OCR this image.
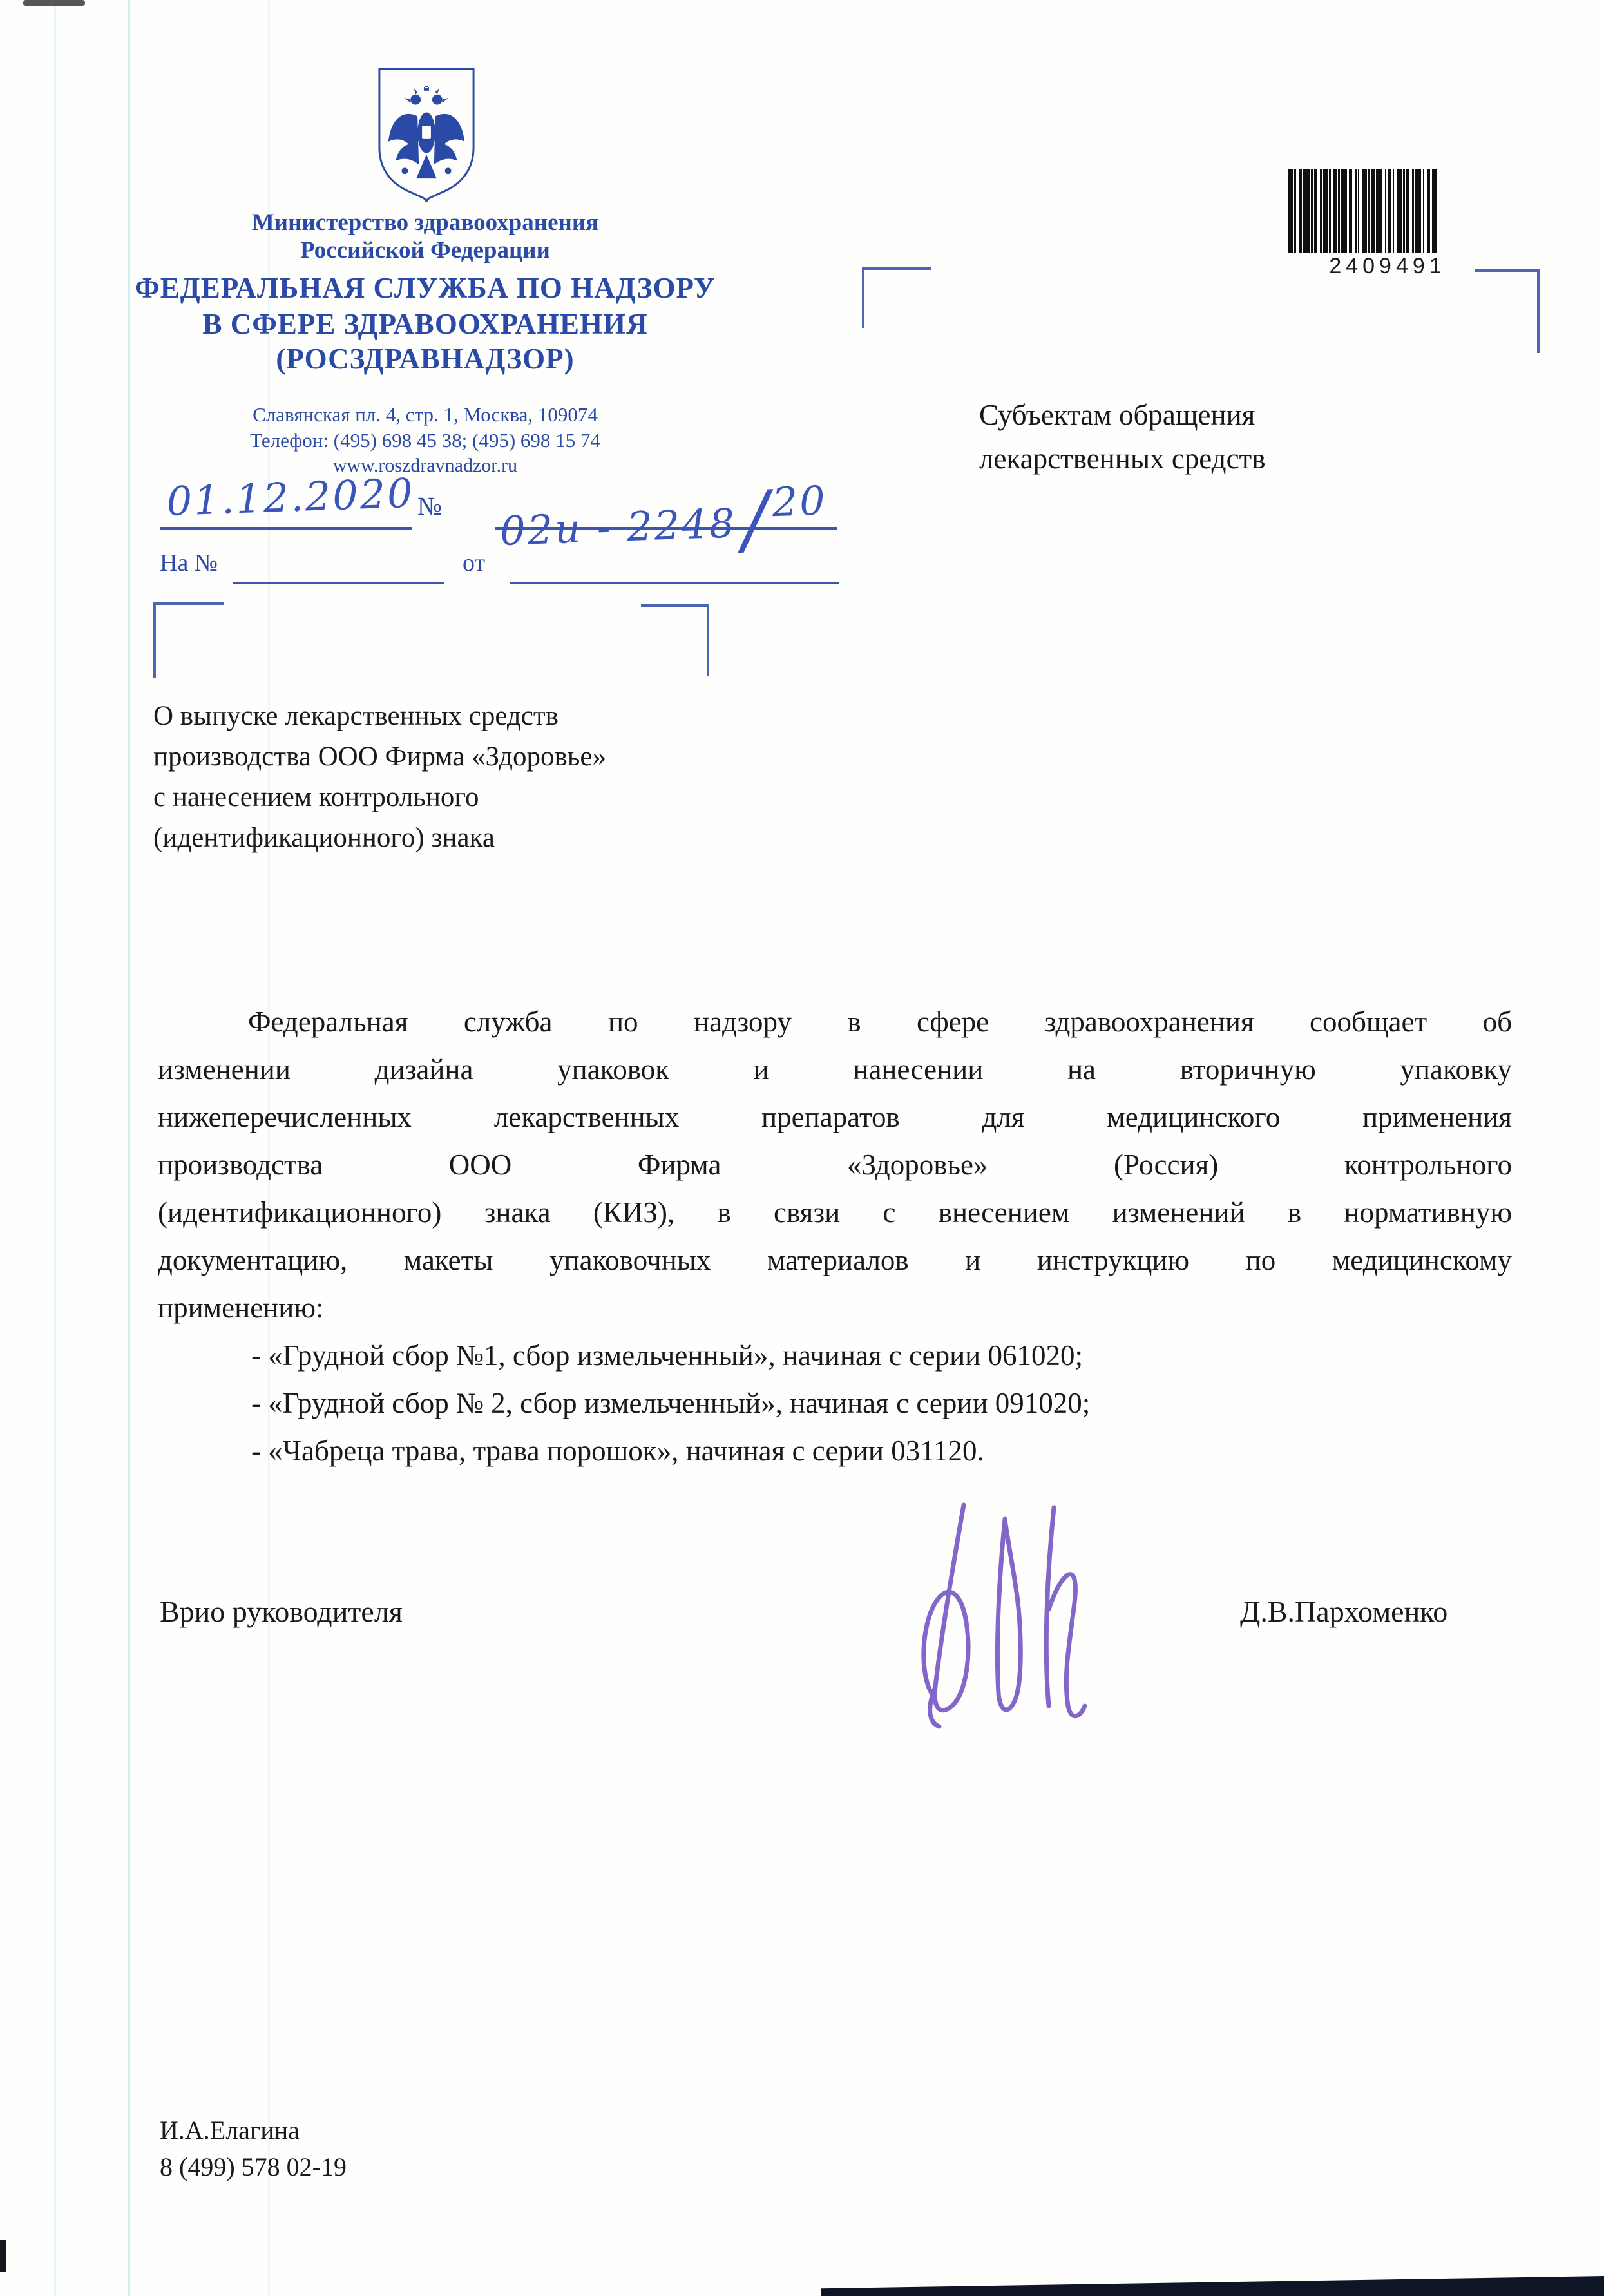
Министерство здравоохранения
Российской Федерации
ФЕДЕРАЛЬНАЯ СЛУЖБА ПО НАДЗОРУ
В СФЕРЕ ЗДРАВООХРАНЕНИЯ
(РОСЗДРАВНАДЗОР)
Славянская пл. 4, стр. 1, Москва, 109074
Телефон: (495) 698 45 38; (495) 698 15 74
www.roszdravnadzor.ru
01.12.2020 № 02и - 2248/20
На №	от
2409491
Субъектам обращения
лекарственных средств
О выпуске лекарственных средств
производства ООО Фирма «Здоровье»
с нанесением контрольного
(идентификационного) знака
Федеральная служба по надзору в сфере здравоохранения сообщает об
изменении дизайна упаковок и нанесении на вторичную упаковку
нижеперечисленных лекарственных препаратов для медицинского применения
производства ООО Фирма «Здоровье» (Россия) контрольного
(идентификационного) знака (КИЗ), в связи с внесением изменений в нормативную
документацию, макеты упаковочных материалов и инструкцию по медицинскому
применению:
- «Грудной сбор №1, сбор измельченный», начиная с серии 061020;
- «Грудной сбор № 2, сбор измельченный», начиная с серии 091020;
- «Чабреца трава, трава порошок», начиная с серии 031120.
Врио руководителя	Д.В.Пархоменко
И.А.Елагина
8 (499) 578 02-19
